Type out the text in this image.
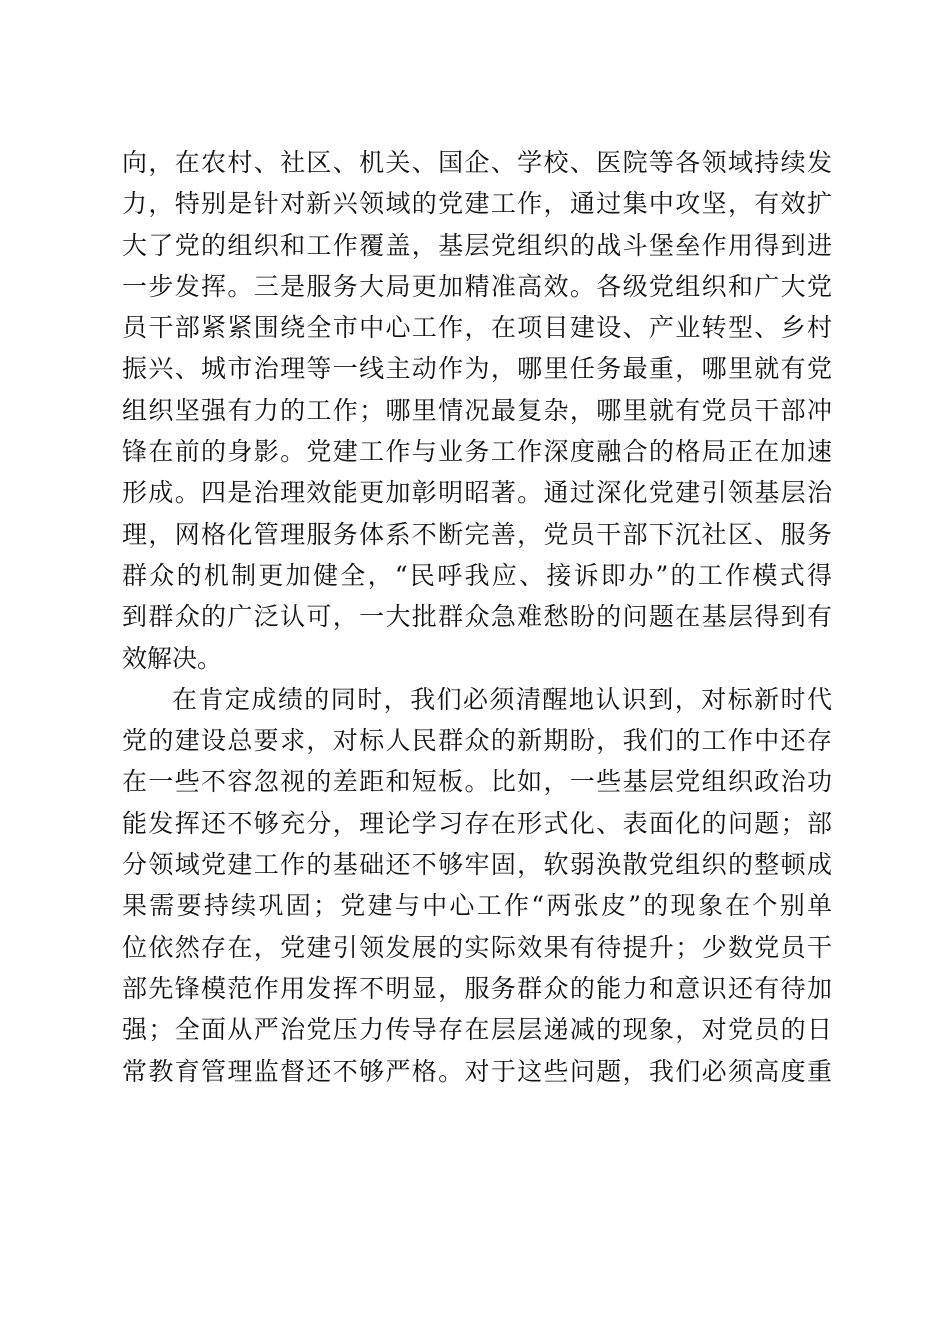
向，在农村、社区、机关、国企、学校、医院等各领域持续发
力，特别是针对新兴领域的党建工作，通过集中攻坚，有效扩
大了党的组织和工作覆盖，基层党组织的战斗堡垒作用得到进
一步发挥。三是服务大局更加精准高效。各级党组织和广大党
员干部紧紧围绕全市中心工作，在项目建设、产业转型、乡村
振兴、城市治理等一线主动作为，哪里任务最重，哪里就有党
组织坚强有力的工作；哪里情况最复杂，哪里就有党员干部冲
锋在前的身影。党建工作与业务工作深度融合的格局正在加速
形成。四是治理效能更加彰明昭著。通过深化党建引领基层治
理，网格化管理服务体系不断完善，党员干部下沉社区、服务
群众的机制更加健全，“民呼我应、接诉即办”的工作模式得
到群众的广泛认可，一大批群众急难愁盼的问题在基层得到有
效解决。

在肯定成绩的同时，我们必须清醒地认识到，对标新时代
党的建设总要求，对标人民群众的新期盼，我们的工作中还存
在一些不容忽视的差距和短板。比如，一些基层党组织政治功
能发挥还不够充分，理论学习存在形式化、表面化的问题；部
分领域党建工作的基础还不够牢固，软弱涣散党组织的整顿成
果需要持续巩固；党建与中心工作“两张皮”的现象在个别单
位依然存在，党建引领发展的实际效果有待提升；少数党员干
部先锋模范作用发挥不明显，服务群众的能力和意识还有待加
强；全面从严治党压力传导存在层层递减的现象，对党员的日
常教育管理监督还不够严格。对于这些问题，我们必须高度重
